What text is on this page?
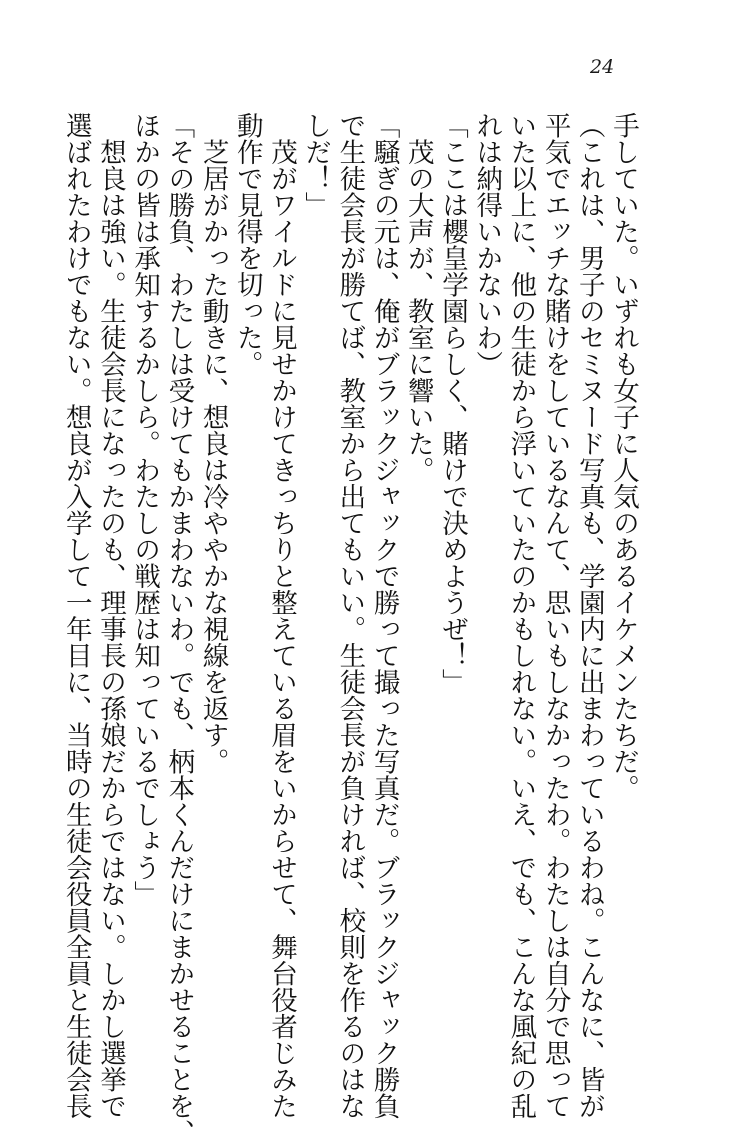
24

手していた。いずれも女子に人気のあるイケメンたちだ。

（これは、男子のセミヌード写真も、学園内に出まわっているわね。こんなに、皆が

平気でエッチな賭けをしているなんて、思いもしなかったわ。わたしは自分で思って

いた以上に、他の生徒から浮いていたのかもしれない。いえ、でも、こんな風紀の乱

れは納得いかないわ）

「ここは櫻皇学園らしく、賭けで決めようぜ！」

　茂の大声が、教室に響いた。

「騒ぎの元は、俺がブラックジャックで勝って撮った写真だ。ブラックジャック勝負

で生徒会長が勝てば、教室から出てもいい。生徒会長が負ければ、校則を作るのはな

しだ！」

　茂がワイルドに見せかけてきっちりと整えている眉をいからせて、舞台役者じみた

動作で見得を切った。

　芝居がかった動きに、想良は冷ややかな視線を返す。

「その勝負、わたしは受けてもかまわないわ。でも、柄本くんだけにまかせることを、

ほかの皆は承知するかしら。わたしの戦歴は知っているでしょう」

　想良は強い。生徒会長になったのも、理事長の孫娘だからではない。しかし選挙で

選ばれたわけでもない。想良が入学して一年目に、当時の生徒会役員全員と生徒会長
